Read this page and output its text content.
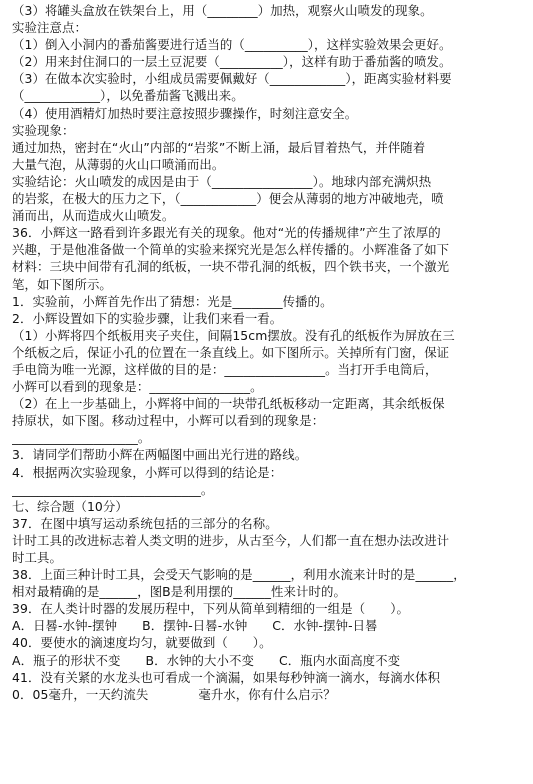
（3）将罐头盒放在铁架台上，用（________）加热，观察火山喷发的现象。
实验注意点：
（1）倒入小洞内的番茄酱要进行适当的（__________），这样实验效果会更好。
（2）用来封住洞口的一层土豆泥要（__________），这样有助于番茄酱的喷发。
（3）在做本次实验时，小组成员需要佩戴好（____________），距离实验材料要
（____________），以免番茄酱飞溅出来。
（4）使用酒精灯加热时要注意按照步骤操作，时刻注意安全。
实验现象：
通过加热，密封在“火山”内部的“岩浆”不断上涌，最后冒着热气，并伴随着
大量气泡，从薄弱的火山口喷涌而出。
实验结论：火山喷发的成因是由于（________________）。地球内部充满炽热
的岩浆，在极大的压力之下，（____________）便会从薄弱的地方冲破地壳，喷
涌而出，从而造成火山喷发。
36．小辉这一路看到许多跟光有关的现象。他对“光的传播规律”产生了浓厚的
兴趣，于是他准备做一个简单的实验来探究光是怎么样传播的。小辉准备了如下
材料：三块中间带有孔洞的纸板，一块不带孔洞的纸板，四个铁书夹，一个激光
笔，如下图所示。
1．实验前，小辉首先作出了猜想：光是________传播的。
2．小辉设置如下的实验步骤，让我们来看一看。
（1）小辉将四个纸板用夹子夹住，间隔15cm摆放。没有孔的纸板作为屏放在三
个纸板之后，保证小孔的位置在一条直线上。如下图所示。关掉所有门窗，保证
手电筒为唯一光源，这样做的目的是：________________。当打开手电筒后，
小辉可以看到的现象是：________________。
（2）在上一步基础上，小辉将中间的一块带孔纸板移动一定距离，其余纸板保
持原状，如下图。移动过程中，小辉可以看到的现象是：
____________________。
3．请同学们帮助小辉在两幅图中画出光行进的路线。
4．根据两次实验现象，小辉可以得到的结论是：
______________________________。
七、综合题（10分）
37．在图中填写运动系统包括的三部分的名称。
计时工具的改进标志着人类文明的进步，从古至今，人们都一直在想办法改进计
时工具。
38．上面三种计时工具，会受天气影响的是______，利用水流来计时的是______，
相对最精确的是______，图B是利用摆的______性来计时的。
39．在人类计时器的发展历程中，下列从简单到精细的一组是（　　）。
A．日晷-水钟-摆钟　　B．摆钟-日晷-水钟　　C．水钟-摆钟-日晷
40．要使水的滴速度均匀，就要做到（　　）。
A．瓶子的形状不变　　B．水钟的大小不变　　C．瓶内水面高度不变
41．没有关紧的水龙头也可看成一个滴漏，如果每秒钟滴一滴水，每滴水体积
0．05毫升，一天约流失　　　　毫升水，你有什么启示？
